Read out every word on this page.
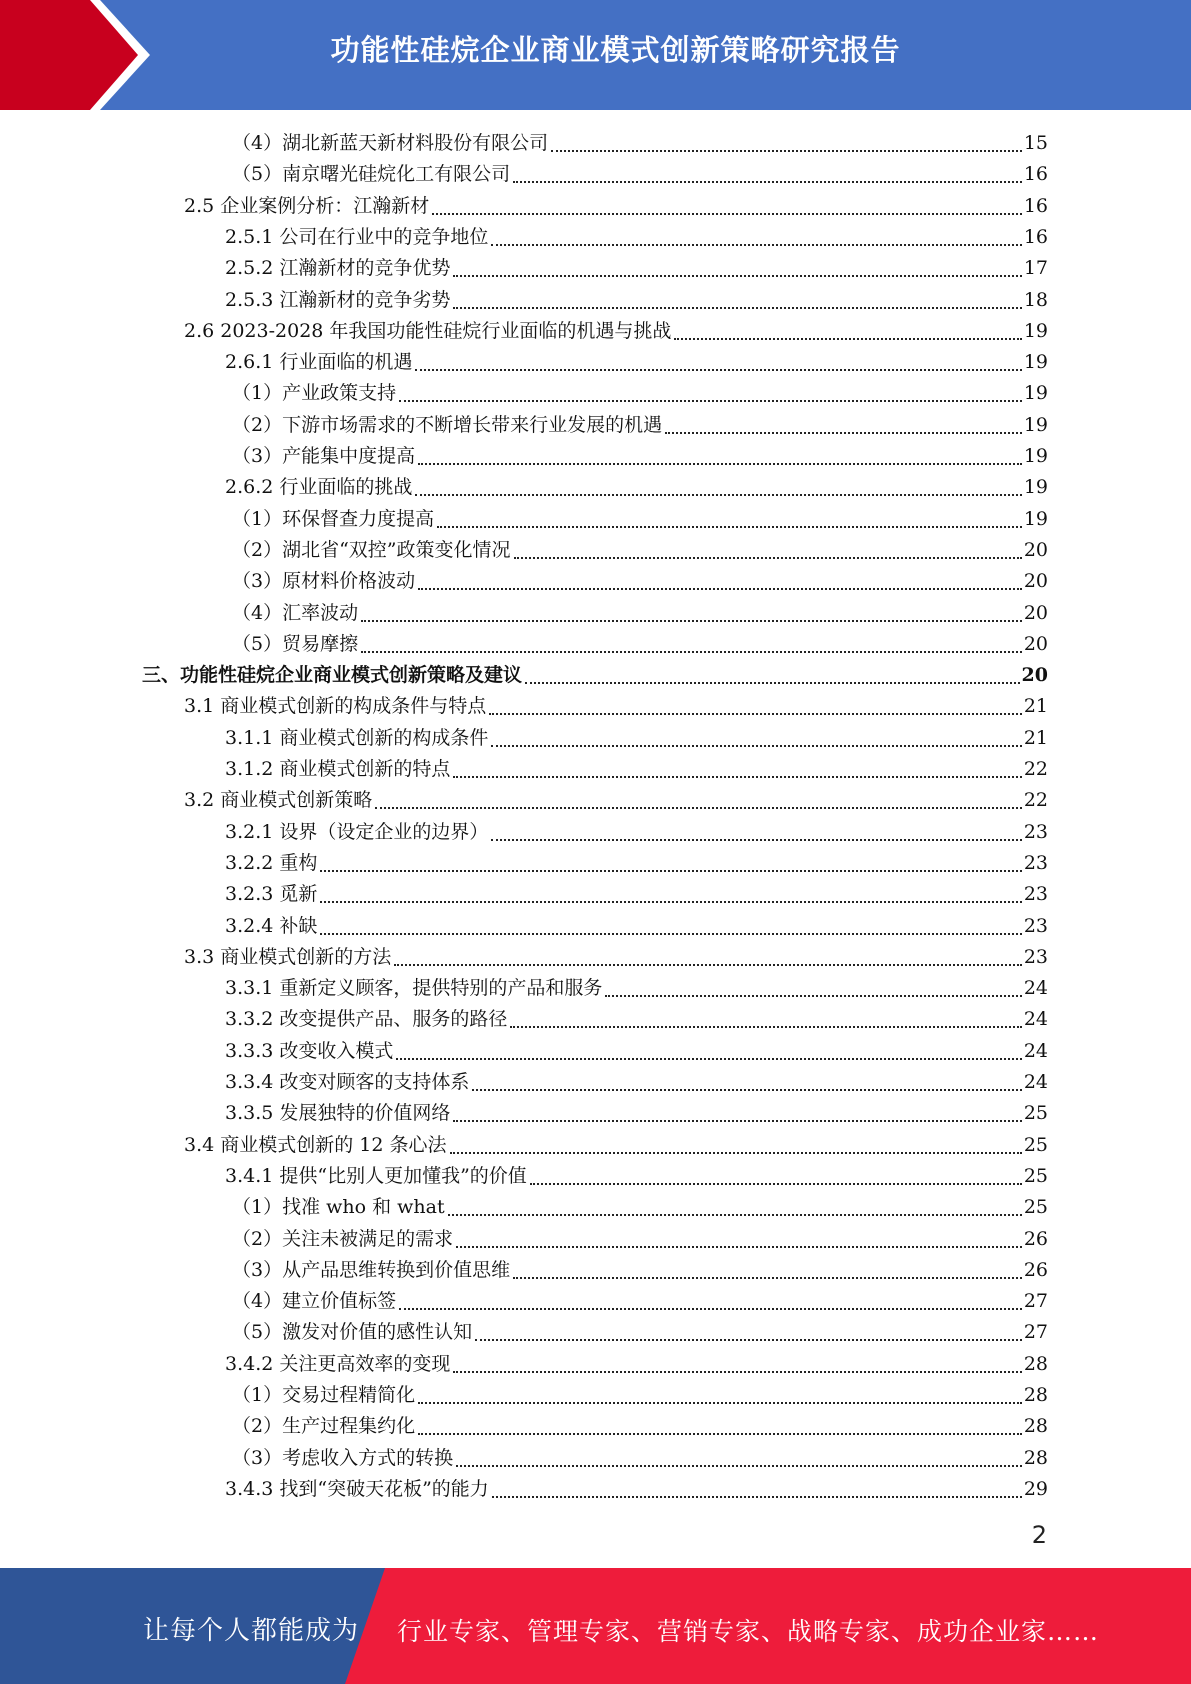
功能性硅烷企业商业模式创新策略研究报告
（4）湖北新蓝天新材料股份有限公司	15
（5）南京曙光硅烷化工有限公司	16
2.5 企业案例分析：江瀚新材	16
2.5.1 公司在行业中的竞争地位	16
2.5.2 江瀚新材的竞争优势	17
2.5.3 江瀚新材的竞争劣势	18
2.6 2023-2028 年我国功能性硅烷行业面临的机遇与挑战	19
2.6.1 行业面临的机遇	19
（1）产业政策支持	19
（2）下游市场需求的不断增长带来行业发展的机遇	19
（3）产能集中度提高	19
2.6.2 行业面临的挑战	19
（1）环保督查力度提高	19
（2）湖北省“双控”政策变化情况	20
（3）原材料价格波动	20
（4）汇率波动	20
（5）贸易摩擦	20
三、功能性硅烷企业商业模式创新策略及建议	20
3.1 商业模式创新的构成条件与特点	21
3.1.1 商业模式创新的构成条件	21
3.1.2 商业模式创新的特点	22
3.2 商业模式创新策略	22
3.2.1 设界（设定企业的边界）	23
3.2.2 重构	23
3.2.3 觅新	23
3.2.4 补缺	23
3.3 商业模式创新的方法	23
3.3.1 重新定义顾客，提供特别的产品和服务	24
3.3.2 改变提供产品、服务的路径	24
3.3.3 改变收入模式	24
3.3.4 改变对顾客的支持体系	24
3.3.5 发展独特的价值网络	25
3.4 商业模式创新的 12 条心法	25
3.4.1 提供“比别人更加懂我”的价值	25
（1）找准 who 和 what	25
（2）关注未被满足的需求	26
（3）从产品思维转换到价值思维	26
（4）建立价值标签	27
（5）激发对价值的感性认知	27
3.4.2 关注更高效率的变现	28
（1）交易过程精简化	28
（2）生产过程集约化	28
（3）考虑收入方式的转换	28
3.4.3 找到“突破天花板”的能力	29
2
让每个人都能成为 行业专家、管理专家、营销专家、战略专家、成功企业家……
